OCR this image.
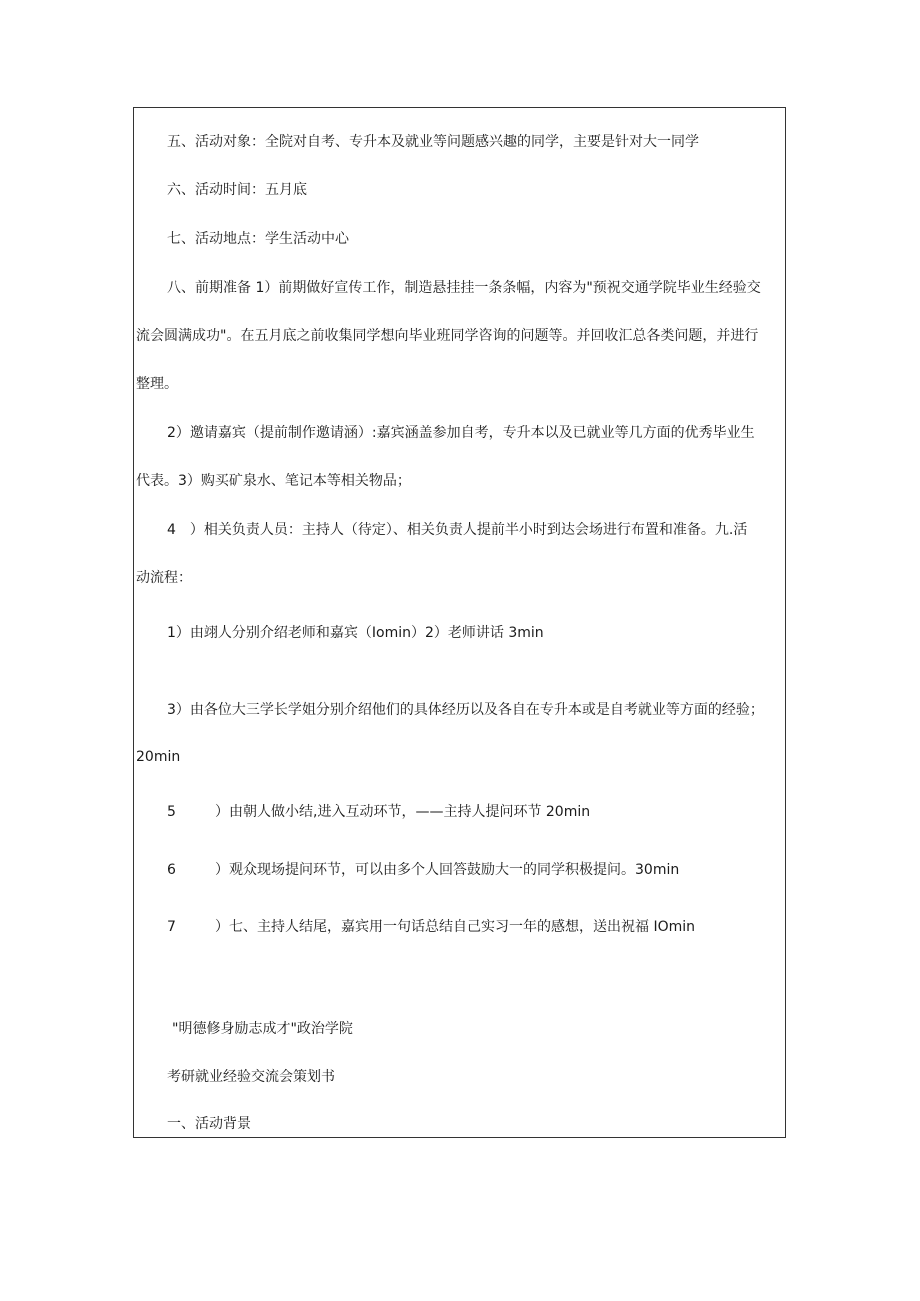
五、活动对象：全院对自考、专升本及就业等问题感兴趣的同学，主要是针对大一同学
六、活动时间：五月底
七、活动地点：学生活动中心
八、前期准备 1）前期做好宣传工作，制造悬挂挂一条条幅，内容为"预祝交通学院毕业生经验交
流会圆满成功"。在五月底之前收集同学想向毕业班同学咨询的问题等。并回收汇总各类问题，并进行
整理。
2）邀请嘉宾（提前制作邀请涵）:嘉宾涵盖参加自考，专升本以及已就业等几方面的优秀毕业生
代表。3）购买矿泉水、笔记本等相关物品；
4　）相关负责人员：主持人（待定）、相关负责人提前半小时到达会场进行布置和准备。九.活
动流程：
1）由翊人分别介绍老师和嘉宾（Iomin）2）老师讲话 3min
3）由各位大三学长学姐分别介绍他们的具体经历以及各自在专升本或是自考就业等方面的经验；
20min
5	）由朝人做小结,进入互动环节，——主持人提问环节 20min
6	）观众现场提问环节，可以由多个人回答鼓励大一的同学积极提问。30min
7	）七、主持人结尾，嘉宾用一句话总结自己实习一年的感想，送出祝福 IOmin
"明德修身励志成才"政治学院
考研就业经验交流会策划书
一、活动背景
